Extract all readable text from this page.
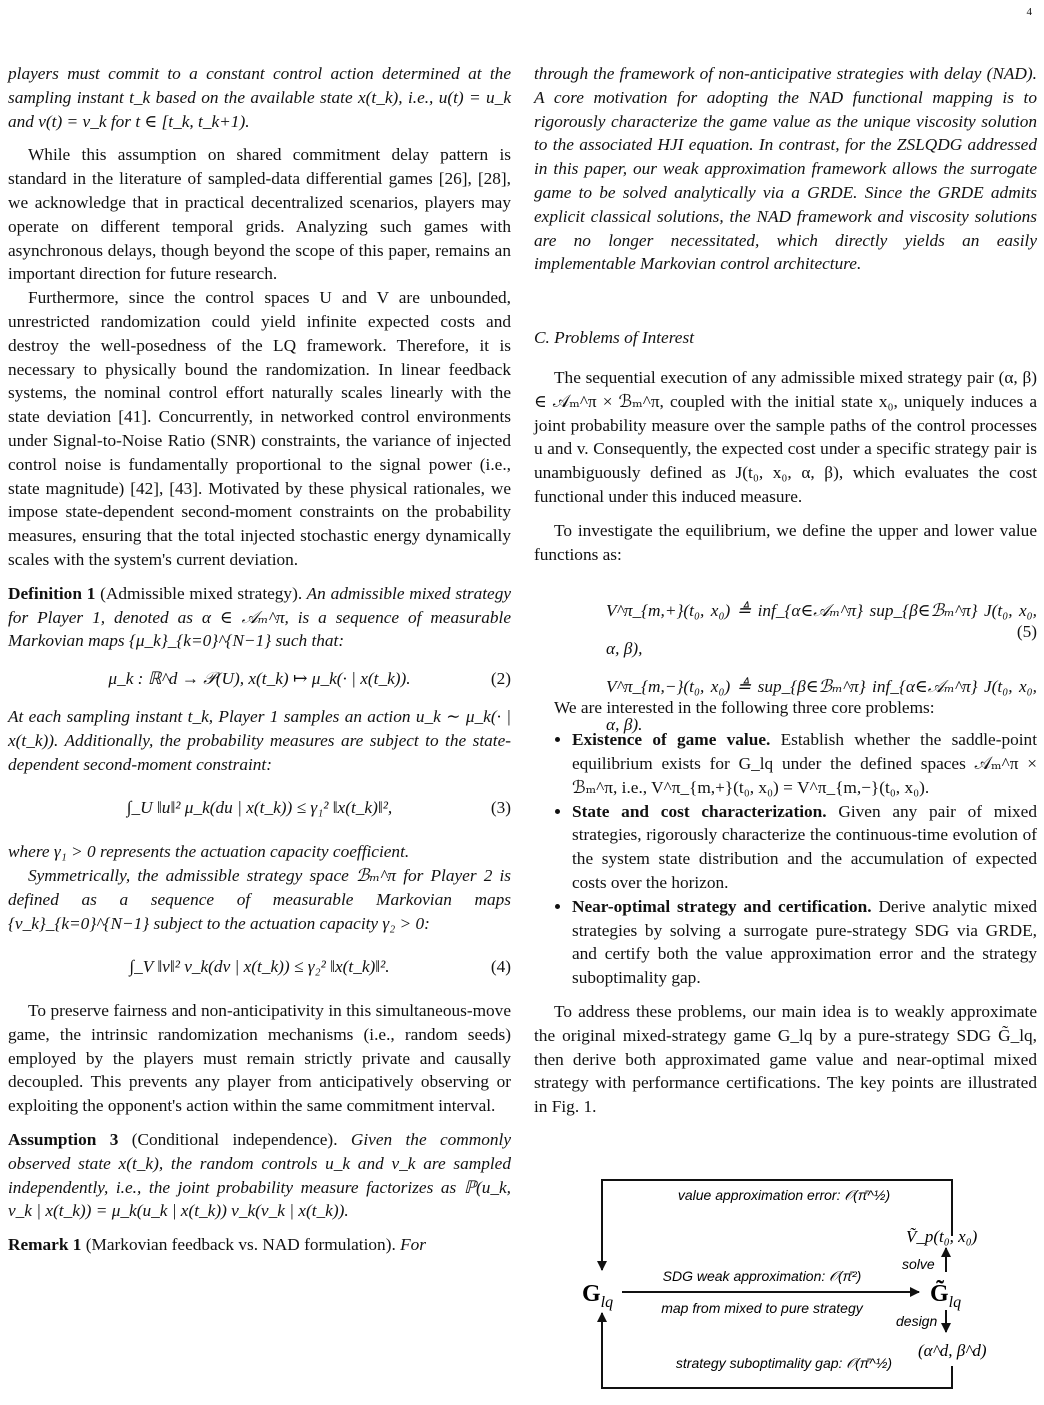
4

players must commit to a constant control action determined at the sampling instant t_k based on the available state x(t_k), i.e., u(t) = u_k and v(t) = v_k for t ∈ [t_k, t_k+1).

While this assumption on shared commitment delay pattern is standard in the literature of sampled-data differential games [26], [28], we acknowledge that in practical decentralized scenarios, players may operate on different temporal grids. Analyzing such games with asynchronous delays, though beyond the scope of this paper, remains an important direction for future research.

Furthermore, since the control spaces U and V are unbounded, unrestricted randomization could yield infinite expected costs and destroy the well-posedness of the LQ framework. Therefore, it is necessary to physically bound the randomization. In linear feedback systems, the nominal control effort naturally scales linearly with the state deviation [41]. Concurrently, in networked control environments under Signal-to-Noise Ratio (SNR) constraints, the variance of injected control noise is fundamentally proportional to the signal power (i.e., state magnitude) [42], [43]. Motivated by these physical rationales, we impose state-dependent second-moment constraints on the probability measures, ensuring that the total injected stochastic energy dynamically scales with the system's current deviation.

Definition 1 (Admissible mixed strategy). An admissible mixed strategy for Player 1, denoted as α ∈ 𝒜ₘ^π, is a sequence of measurable Markovian maps {μ_k}_{k=0}^{N−1} such that:

μ_k : ℝ^d → 𝒫(U), x(t_k) ↦ μ_k(· | x(t_k)).	(2)

At each sampling instant t_k, Player 1 samples an action u_k ∼ μ_k(· | x(t_k)). Additionally, the probability measures are subject to the state-dependent second-moment constraint:

∫_U ‖u‖² μ_k(du | x(t_k)) ≤ γ₁² ‖x(t_k)‖²,	(3)

where γ₁ > 0 represents the actuation capacity coefficient.

Symmetrically, the admissible strategy space ℬₘ^π for Player 2 is defined as a sequence of measurable Markovian maps {ν_k}_{k=0}^{N−1} subject to the actuation capacity γ₂ > 0:

∫_V ‖v‖² ν_k(dv | x(t_k)) ≤ γ₂² ‖x(t_k)‖².	(4)

To preserve fairness and non-anticipativity in this simultaneous-move game, the intrinsic randomization mechanisms (i.e., random seeds) employed by the players must remain strictly private and causally decoupled. This prevents any player from anticipatively observing or exploiting the opponent's action within the same commitment interval.

Assumption 3 (Conditional independence). Given the commonly observed state x(t_k), the random controls u_k and v_k are sampled independently, i.e., the joint probability measure factorizes as ℙ(u_k, v_k | x(t_k)) = μ_k(u_k | x(t_k)) ν_k(v_k | x(t_k)).

Remark 1 (Markovian feedback vs. NAD formulation). For

through the framework of non-anticipative strategies with delay (NAD). A core motivation for adopting the NAD functional mapping is to rigorously characterize the game value as the unique viscosity solution to the associated HJI equation. In contrast, for the ZSLQDG addressed in this paper, our weak approximation framework allows the surrogate game to be solved analytically via a GRDE. Since the GRDE admits explicit classical solutions, the NAD framework and viscosity solutions are no longer necessitated, which directly yields an easily implementable Markovian control architecture.

C. Problems of Interest

The sequential execution of any admissible mixed strategy pair (α, β) ∈ 𝒜ₘ^π × ℬₘ^π, coupled with the initial state x₀, uniquely induces a joint probability measure over the sample paths of the control processes u and v. Consequently, the expected cost under a specific strategy pair is unambiguously defined as J(t₀, x₀, α, β), which evaluates the cost functional under this induced measure.

To investigate the equilibrium, we define the upper and lower value functions as:

V^π_{m,+}(t₀, x₀) ≜ inf_{α∈𝒜ₘ^π} sup_{β∈ℬₘ^π} J(t₀, x₀, α, β),
V^π_{m,−}(t₀, x₀) ≜ sup_{β∈ℬₘ^π} inf_{α∈𝒜ₘ^π} J(t₀, x₀, α, β).
(5)

We are interested in the following three core problems:

• Existence of game value. Establish whether the saddle-point equilibrium exists for G_lq under the defined spaces 𝒜ₘ^π × ℬₘ^π, i.e., V^π_{m,+}(t₀, x₀) = V^π_{m,−}(t₀, x₀).
• State and cost characterization. Given any pair of mixed strategies, rigorously characterize the continuous-time evolution of the system state distribution and the accumulation of expected costs over the horizon.
• Near-optimal strategy and certification. Derive analytic mixed strategies by solving a surrogate pure-strategy SDG via GRDE, and certify both the value approximation error and the strategy suboptimality gap.

To address these problems, our main idea is to weakly approximate the original mixed-strategy game G_lq by a pure-strategy SDG G̃_lq, then derive both approximated game value and near-optimal mixed strategy with performance certifications. The key points are illustrated in Fig. 1.

value approximation error: 𝒪(π̄^½)
SDG weak approximation: 𝒪(π̄²)
map from mixed to pure strategy
strategy suboptimality gap: 𝒪(π̄^½)
$G_{lq}$	$G̃_{lq}$
Ṽ_p(t₀, x₀)
(α^d, β^d)
solve
design
